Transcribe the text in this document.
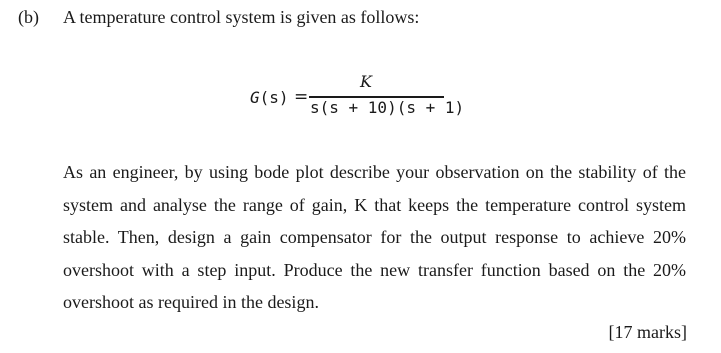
(b) A temperature control system is given as follows:
G(s) =
K
s(s + 10)(s + 1)
As an engineer, by using bode plot describe your observation on the stability of the
system and analyse the range of gain, K that keeps the temperature control system
stable. Then, design a gain compensator for the output response to achieve 20%
overshoot with a step input. Produce the new transfer function based on the 20%
overshoot as required in the design.
[17 marks]
